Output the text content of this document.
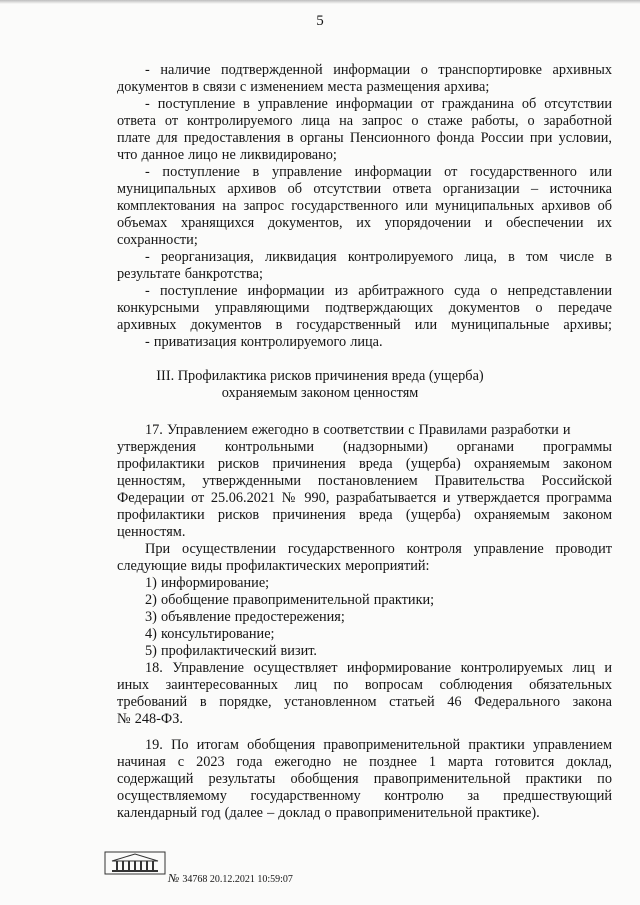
5
- наличие подтвержденной информации о транспортировке архивных
документов в связи с изменением места размещения архива;
- поступление в управление информации от гражданина об отсутствии
ответа от контролируемого лица на запрос о стаже работы, о заработной
плате для предоставления в органы Пенсионного фонда России при условии,
что данное лицо не ликвидировано;
- поступление в управление информации от государственного или
муниципальных архивов об отсутствии ответа организации – источника
комплектования на запрос государственного или муниципальных архивов об
объемах хранящихся документов, их упорядочении и обеспечении их
сохранности;
- реорганизация, ликвидация контролируемого лица, в том числе в
результате банкротства;
- поступление информации из арбитражного суда о непредставлении
конкурсными управляющими подтверждающих документов о передаче
архивных документов в государственный или муниципальные архивы;
- приватизация контролируемого лица.
III. Профилактика рисков причинения вреда (ущерба)
охраняемым законом ценностям
17. Управлением ежегодно в соответствии с Правилами разработки и
утверждения контрольными (надзорными) органами программы
профилактики рисков причинения вреда (ущерба) охраняемым законом
ценностям, утвержденными постановлением Правительства Российской
Федерации от 25.06.2021 № 990, разрабатывается и утверждается программа
профилактики рисков причинения вреда (ущерба) охраняемым законом
ценностям.
При осуществлении государственного контроля управление проводит
следующие виды профилактических мероприятий:
1) информирование;
2) обобщение правоприменительной практики;
3) объявление предостережения;
4) консультирование;
5) профилактический визит.
18. Управление осуществляет информирование контролируемых лиц и
иных заинтересованных лиц по вопросам соблюдения обязательных
требований в порядке, установленном статьей 46 Федерального закона
№ 248-ФЗ.
19. По итогам обобщения правоприменительной практики управлением
начиная с 2023 года ежегодно не позднее 1 марта готовится доклад,
содержащий результаты обобщения правоприменительной практики по
осуществляемому государственному контролю за предшествующий
календарный год (далее – доклад о правоприменительной практике).
№ 34768 20.12.2021 10:59:07
